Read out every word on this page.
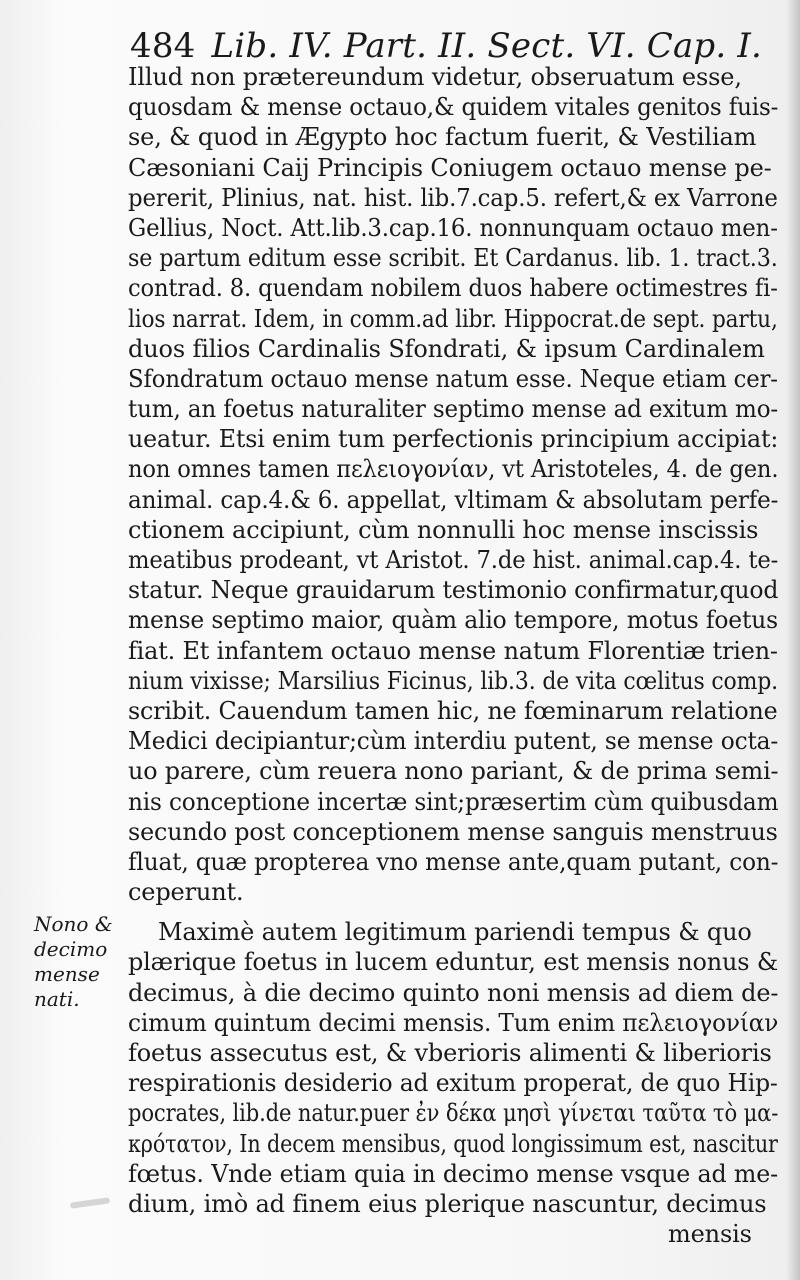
484 Lib. IV. Part. II. Sect. VI. Cap. I.
Nono &
decimo
mense
nati.
Illud non prætereundum videtur, obseruatum esse,
quosdam & mense octauo,& quidem vitales genitos fuis-
se, & quod in Ægypto hoc factum fuerit, & Vestiliam
Cæsoniani Caij Principis Coniugem octauo mense pe-
pererit, Plinius, nat. hist. lib.7.cap.5. refert,& ex Varrone
Gellius, Noct. Att.lib.3.cap.16. nonnunquam octauo men-
se partum editum esse scribit. Et Cardanus. lib. 1. tract.3.
contrad. 8. quendam nobilem duos habere octimestres fi-
lios narrat. Idem, in comm.ad libr. Hippocrat.de sept. partu,
duos filios Cardinalis Sfondrati, & ipsum Cardinalem
Sfondratum octauo mense natum esse. Neque etiam cer-
tum, an foetus naturaliter septimo mense ad exitum mo-
ueatur. Etsi enim tum perfectionis principium accipiat:
non omnes tamen πελειογονίαν, vt Aristoteles, 4. de gen.
animal. cap.4.& 6. appellat, vltimam & absolutam perfe-
ctionem accipiunt, cùm nonnulli hoc mense inscissis
meatibus prodeant, vt Aristot. 7.de hist. animal.cap.4. te-
statur. Neque grauidarum testimonio confirmatur,quod
mense septimo maior, quàm alio tempore, motus foetus
fiat. Et infantem octauo mense natum Florentiæ trien-
nium vixisse; Marsilius Ficinus, lib.3. de vita cœlitus comp.
scribit. Cauendum tamen hic, ne fœminarum relatione
Medici decipiantur;cùm interdiu putent, se mense octa-
uo parere, cùm reuera nono pariant, & de prima semi-
nis conceptione incertæ sint;præsertim cùm quibusdam
secundo post conceptionem mense sanguis menstruus
fluat, quæ propterea vno mense ante,quam putant, con-
ceperunt.
Maximè autem legitimum pariendi tempus & quo
plærique foetus in lucem eduntur, est mensis nonus &
decimus, à die decimo quinto noni mensis ad diem de-
cimum quintum decimi mensis. Tum enim πελειογονίαν
foetus assecutus est, & vberioris alimenti & liberioris
respirationis desiderio ad exitum properat, de quo Hip-
pocrates, lib.de natur.puer ἐν δέκα μησὶ γίνεται ταῦτα τὸ μα-
κρότατον, In decem mensibus, quod longissimum est, nascitur
fœtus. Vnde etiam quia in decimo mense vsque ad me-
dium, imò ad finem eius plerique nascuntur, decimus
mensis
